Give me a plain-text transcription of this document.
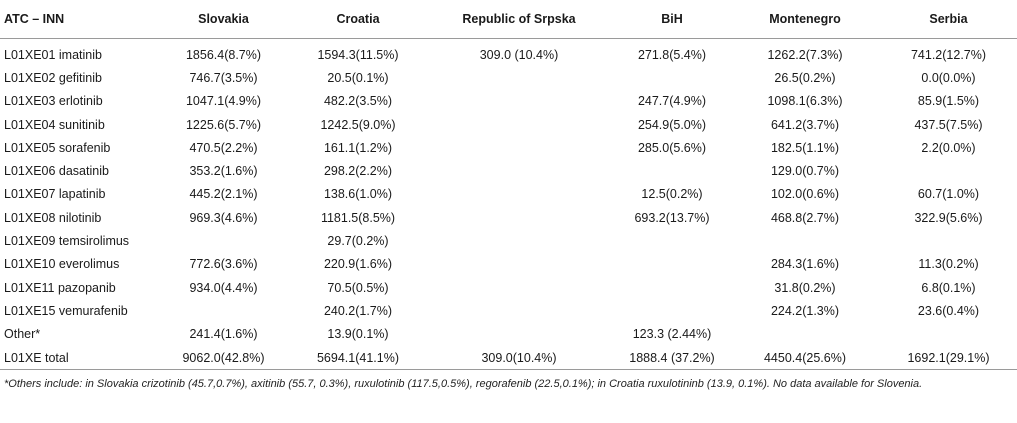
ATC – INN	Slovakia	Croatia	Republic of Srpska	BiH	Montenegro	Serbia
L01XE01 imatinib	1856.4(8.7%)	1594.3(11.5%)	309.0 (10.4%)	271.8(5.4%)	1262.2(7.3%)	741.2(12.7%)
L01XE02 gefitinib	746.7(3.5%)	20.5(0.1%)			26.5(0.2%)	0.0(0.0%)
L01XE03 erlotinib	1047.1(4.9%)	482.2(3.5%)		247.7(4.9%)	1098.1(6.3%)	85.9(1.5%)
L01XE04 sunitinib	1225.6(5.7%)	1242.5(9.0%)		254.9(5.0%)	641.2(3.7%)	437.5(7.5%)
L01XE05 sorafenib	470.5(2.2%)	161.1(1.2%)		285.0(5.6%)	182.5(1.1%)	2.2(0.0%)
L01XE06 dasatinib	353.2(1.6%)	298.2(2.2%)			129.0(0.7%)	
L01XE07 lapatinib	445.2(2.1%)	138.6(1.0%)		12.5(0.2%)	102.0(0.6%)	60.7(1.0%)
L01XE08 nilotinib	969.3(4.6%)	1181.5(8.5%)		693.2(13.7%)	468.8(2.7%)	322.9(5.6%)
L01XE09 temsirolimus		29.7(0.2%)				
L01XE10 everolimus	772.6(3.6%)	220.9(1.6%)			284.3(1.6%)	11.3(0.2%)
L01XE11 pazopanib	934.0(4.4%)	70.5(0.5%)			31.8(0.2%)	6.8(0.1%)
L01XE15 vemurafenib		240.2(1.7%)			224.2(1.3%)	23.6(0.4%)
Other*	241.4(1.6%)	13.9(0.1%)		123.3 (2.44%)		
L01XE total	9062.0(42.8%)	5694.1(41.1%)	309.0(10.4%)	1888.4 (37.2%)	4450.4(25.6%)	1692.1(29.1%)
*Others include: in Slovakia crizotinib (45.7,0.7%), axitinib (55.7, 0.3%), ruxulotinib (117.5,0.5%), regorafenib (22.5,0.1%); in Croatia ruxulotininb (13.9, 0.1%). No data available for Slovenia.
